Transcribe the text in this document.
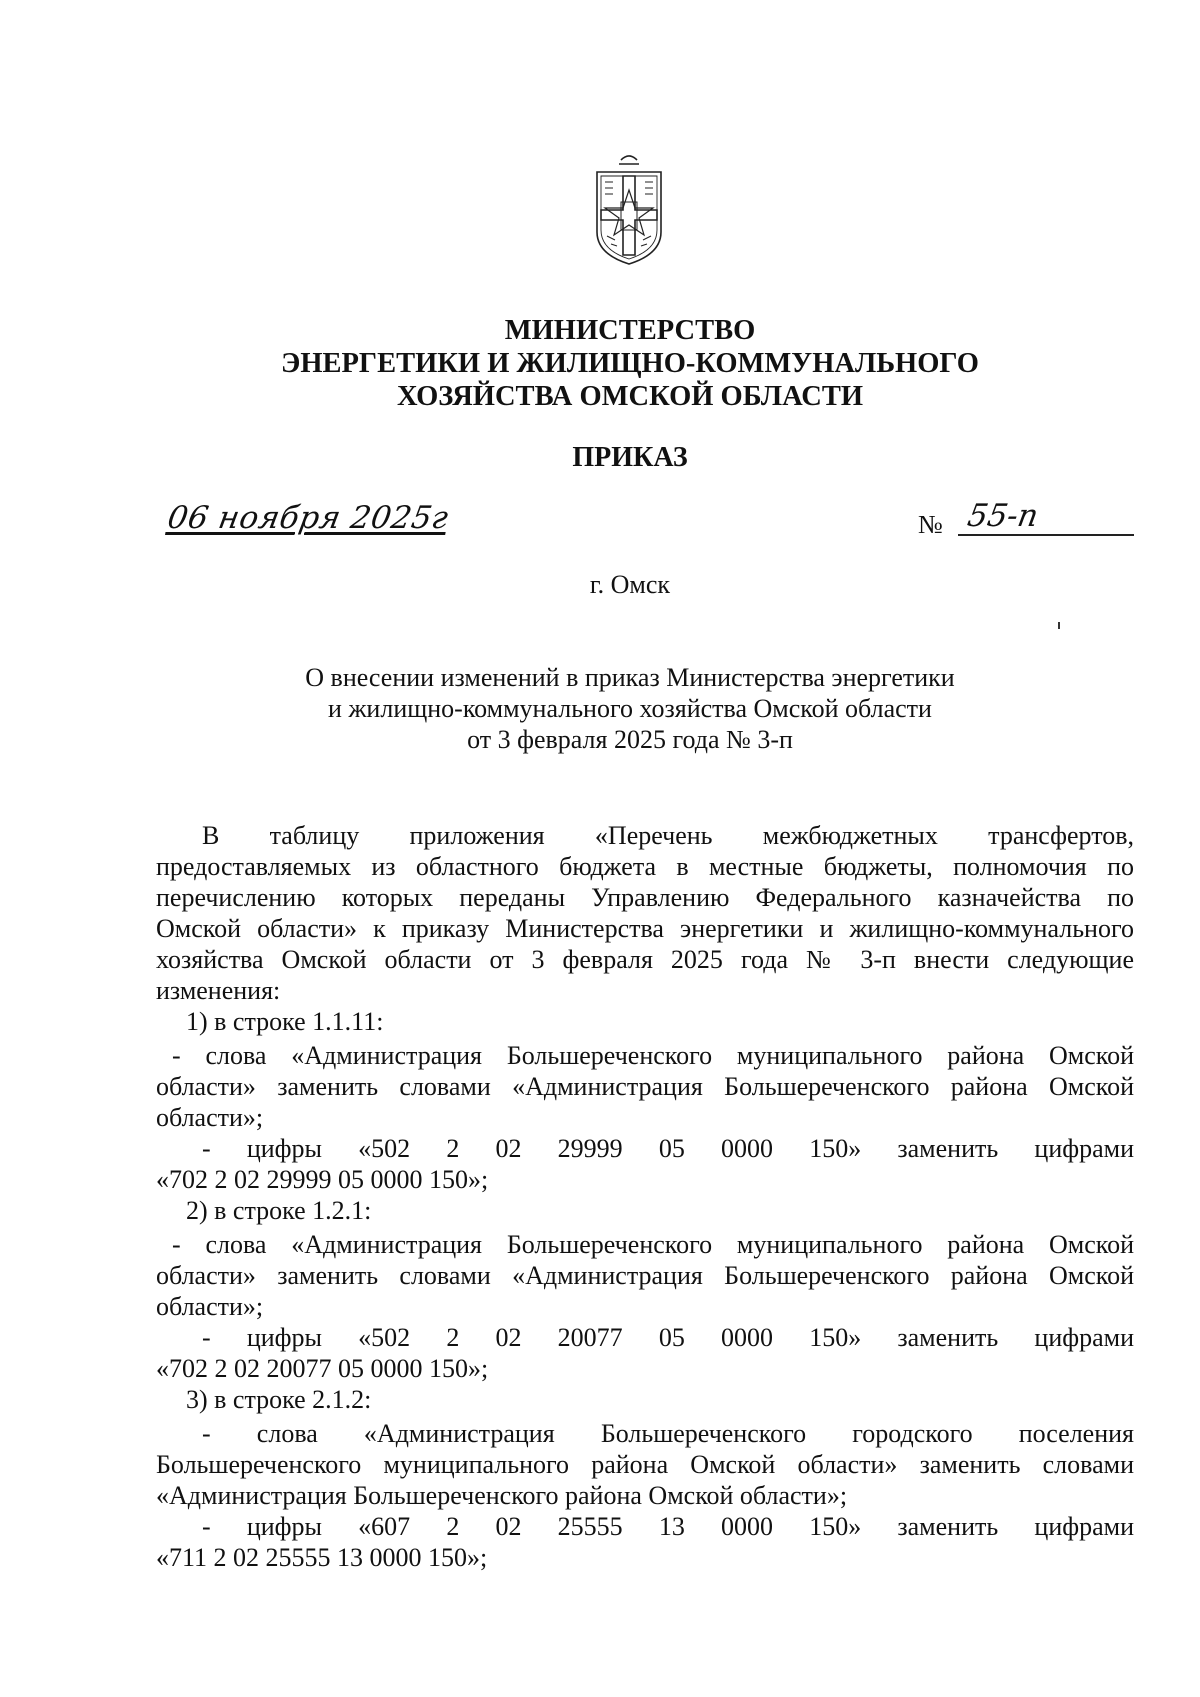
МИНИСТЕРСТВО
ЭНЕРГЕТИКИ И ЖИЛИЩНО-КОММУНАЛЬНОГО
ХОЗЯЙСТВА ОМСКОЙ ОБЛАСТИ
ПРИКАЗ
06 ноября 2025г	№ 55-п
г. Омск
О внесении изменений в приказ Министерства энергетики
и жилищно-коммунального хозяйства Омской области
от 3 февраля 2025 года № 3-п
В таблицу приложения «Перечень межбюджетных трансфертов,
предоставляемых из областного бюджета в местные бюджеты, полномочия по
перечислению которых переданы Управлению Федерального казначейства по
Омской области» к приказу Министерства энергетики и жилищно-коммунального
хозяйства Омской области от 3 февраля 2025 года № 3-п внести следующие
изменения:
1) в строке 1.1.11:
- слова «Администрация Большереченского муниципального района Омской
области» заменить словами «Администрация Большереченского района Омской
области»;
- цифры «502 2 02 29999 05 0000 150» заменить цифрами
«702 2 02 29999 05 0000 150»;
2) в строке 1.2.1:
- слова «Администрация Большереченского муниципального района Омской
области» заменить словами «Администрация Большереченского района Омской
области»;
- цифры «502 2 02 20077 05 0000 150» заменить цифрами
«702 2 02 20077 05 0000 150»;
3) в строке 2.1.2:
- слова «Администрация Большереченского городского поселения
Большереченского муниципального района Омской области» заменить словами
«Администрация Большереченского района Омской области»;
- цифры «607 2 02 25555 13 0000 150» заменить цифрами
«711 2 02 25555 13 0000 150»;
